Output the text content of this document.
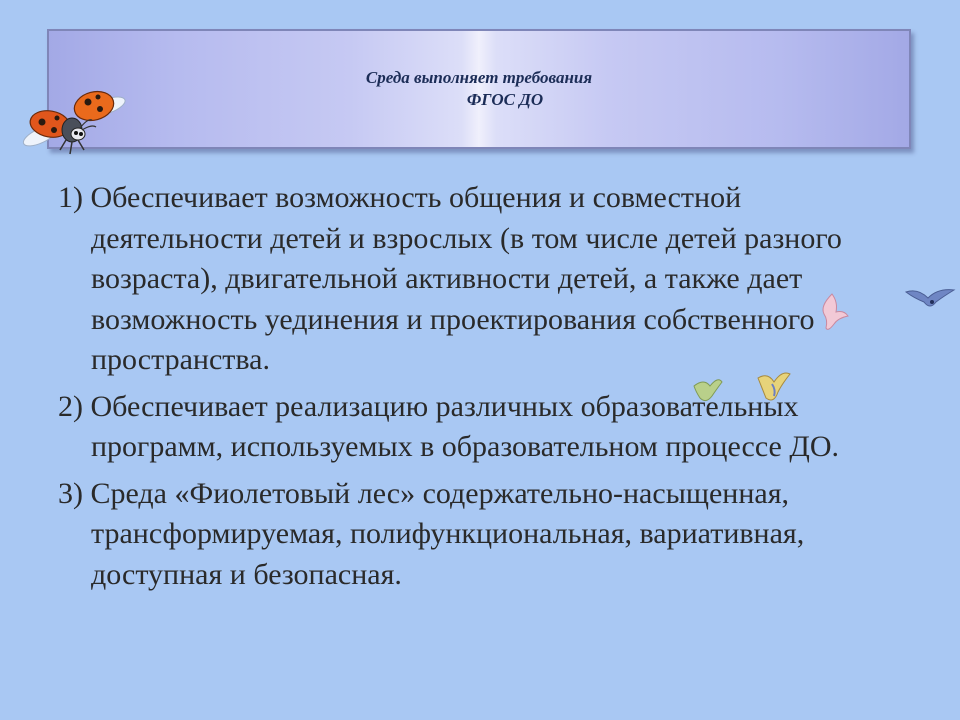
Среда выполняет требования
ФГОС ДО

1) Обеспечивает возможность общения и совместной деятельности детей и взрослых (в том числе детей разного возраста), двигательной активности детей, а также дает возможность уединения и проектирования собственного пространства.

2) Обеспечивает реализацию различных образовательных программ, используемых в образовательном процессе ДО.

3) Среда «Фиолетовый лес» содержательно-насыщенная, трансформируемая, полифункциональная, вариативная, доступная и безопасная.
